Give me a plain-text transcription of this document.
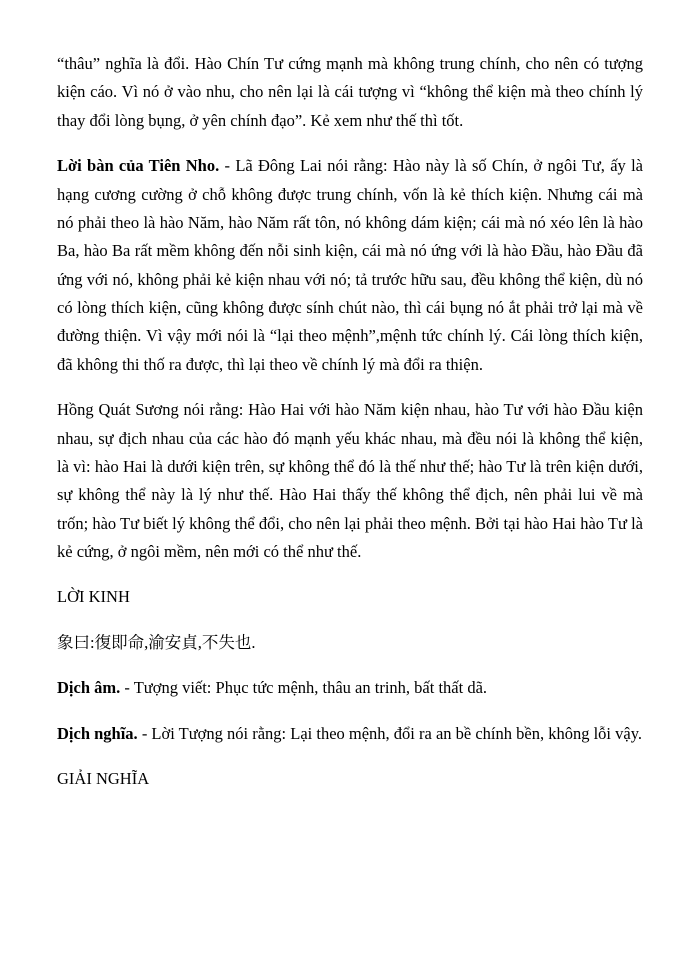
“thâu” nghĩa là đổi. Hào Chín Tư cứng mạnh mà không trung chính, cho nên có tượng kiện cáo. Vì nó ở vào nhu, cho nên lại là cái tượng vì “không thể kiện mà theo chính lý thay đổi lòng bụng, ở yên chính đạo”. Kẻ xem như thế thì tốt.

Lời bàn của Tiên Nho. - Lã Đông Lai nói rằng: Hào này là số Chín, ở ngôi Tư, ấy là hạng cương cường ở chỗ không được trung chính, vốn là kẻ thích kiện. Nhưng cái mà nó phải theo là hào Năm, hào Năm rất tôn, nó không dám kiện; cái mà nó xéo lên là hào Ba, hào Ba rất mềm không đến nỗi sinh kiện, cái mà nó ứng với là hào Đầu, hào Đầu đã ứng với nó, không phải kẻ kiện nhau với nó; tả trước hữu sau, đều không thể kiện, dù nó có lòng thích kiện, cũng không được sính chút nào, thì cái bụng nó ắt phải trở lại mà về đường thiện. Vì vậy mới nói là “lại theo mệnh”,mệnh tức chính lý. Cái lòng thích kiện, đã không thi thố ra được, thì lại theo về chính lý mà đổi ra thiện.

Hồng Quát Sương nói rằng: Hào Hai với hào Năm kiện nhau, hào Tư với hào Đầu kiện nhau, sự địch nhau của các hào đó mạnh yếu khác nhau, mà đều nói là không thể kiện, là vì: hào Hai là dưới kiện trên, sự không thể đó là thế như thế; hào Tư là trên kiện dưới, sự không thể này là lý như thế. Hào Hai thấy thế không thể địch, nên phải lui về mà trốn; hào Tư biết lý không thể đổi, cho nên lại phải theo mệnh. Bởi tại hào Hai hào Tư là kẻ cứng, ở ngôi mềm, nên mới có thể như thế.

LỜI KINH

象曰:復即命,渝安貞,不失也.

Dịch âm. - Tượng viết: Phục tức mệnh, thâu an trinh, bất thất dã.

Dịch nghĩa. - Lời Tượng nói rằng: Lại theo mệnh, đổi ra an bề chính bền, không lỗi vậy.

GIẢI NGHĨA
